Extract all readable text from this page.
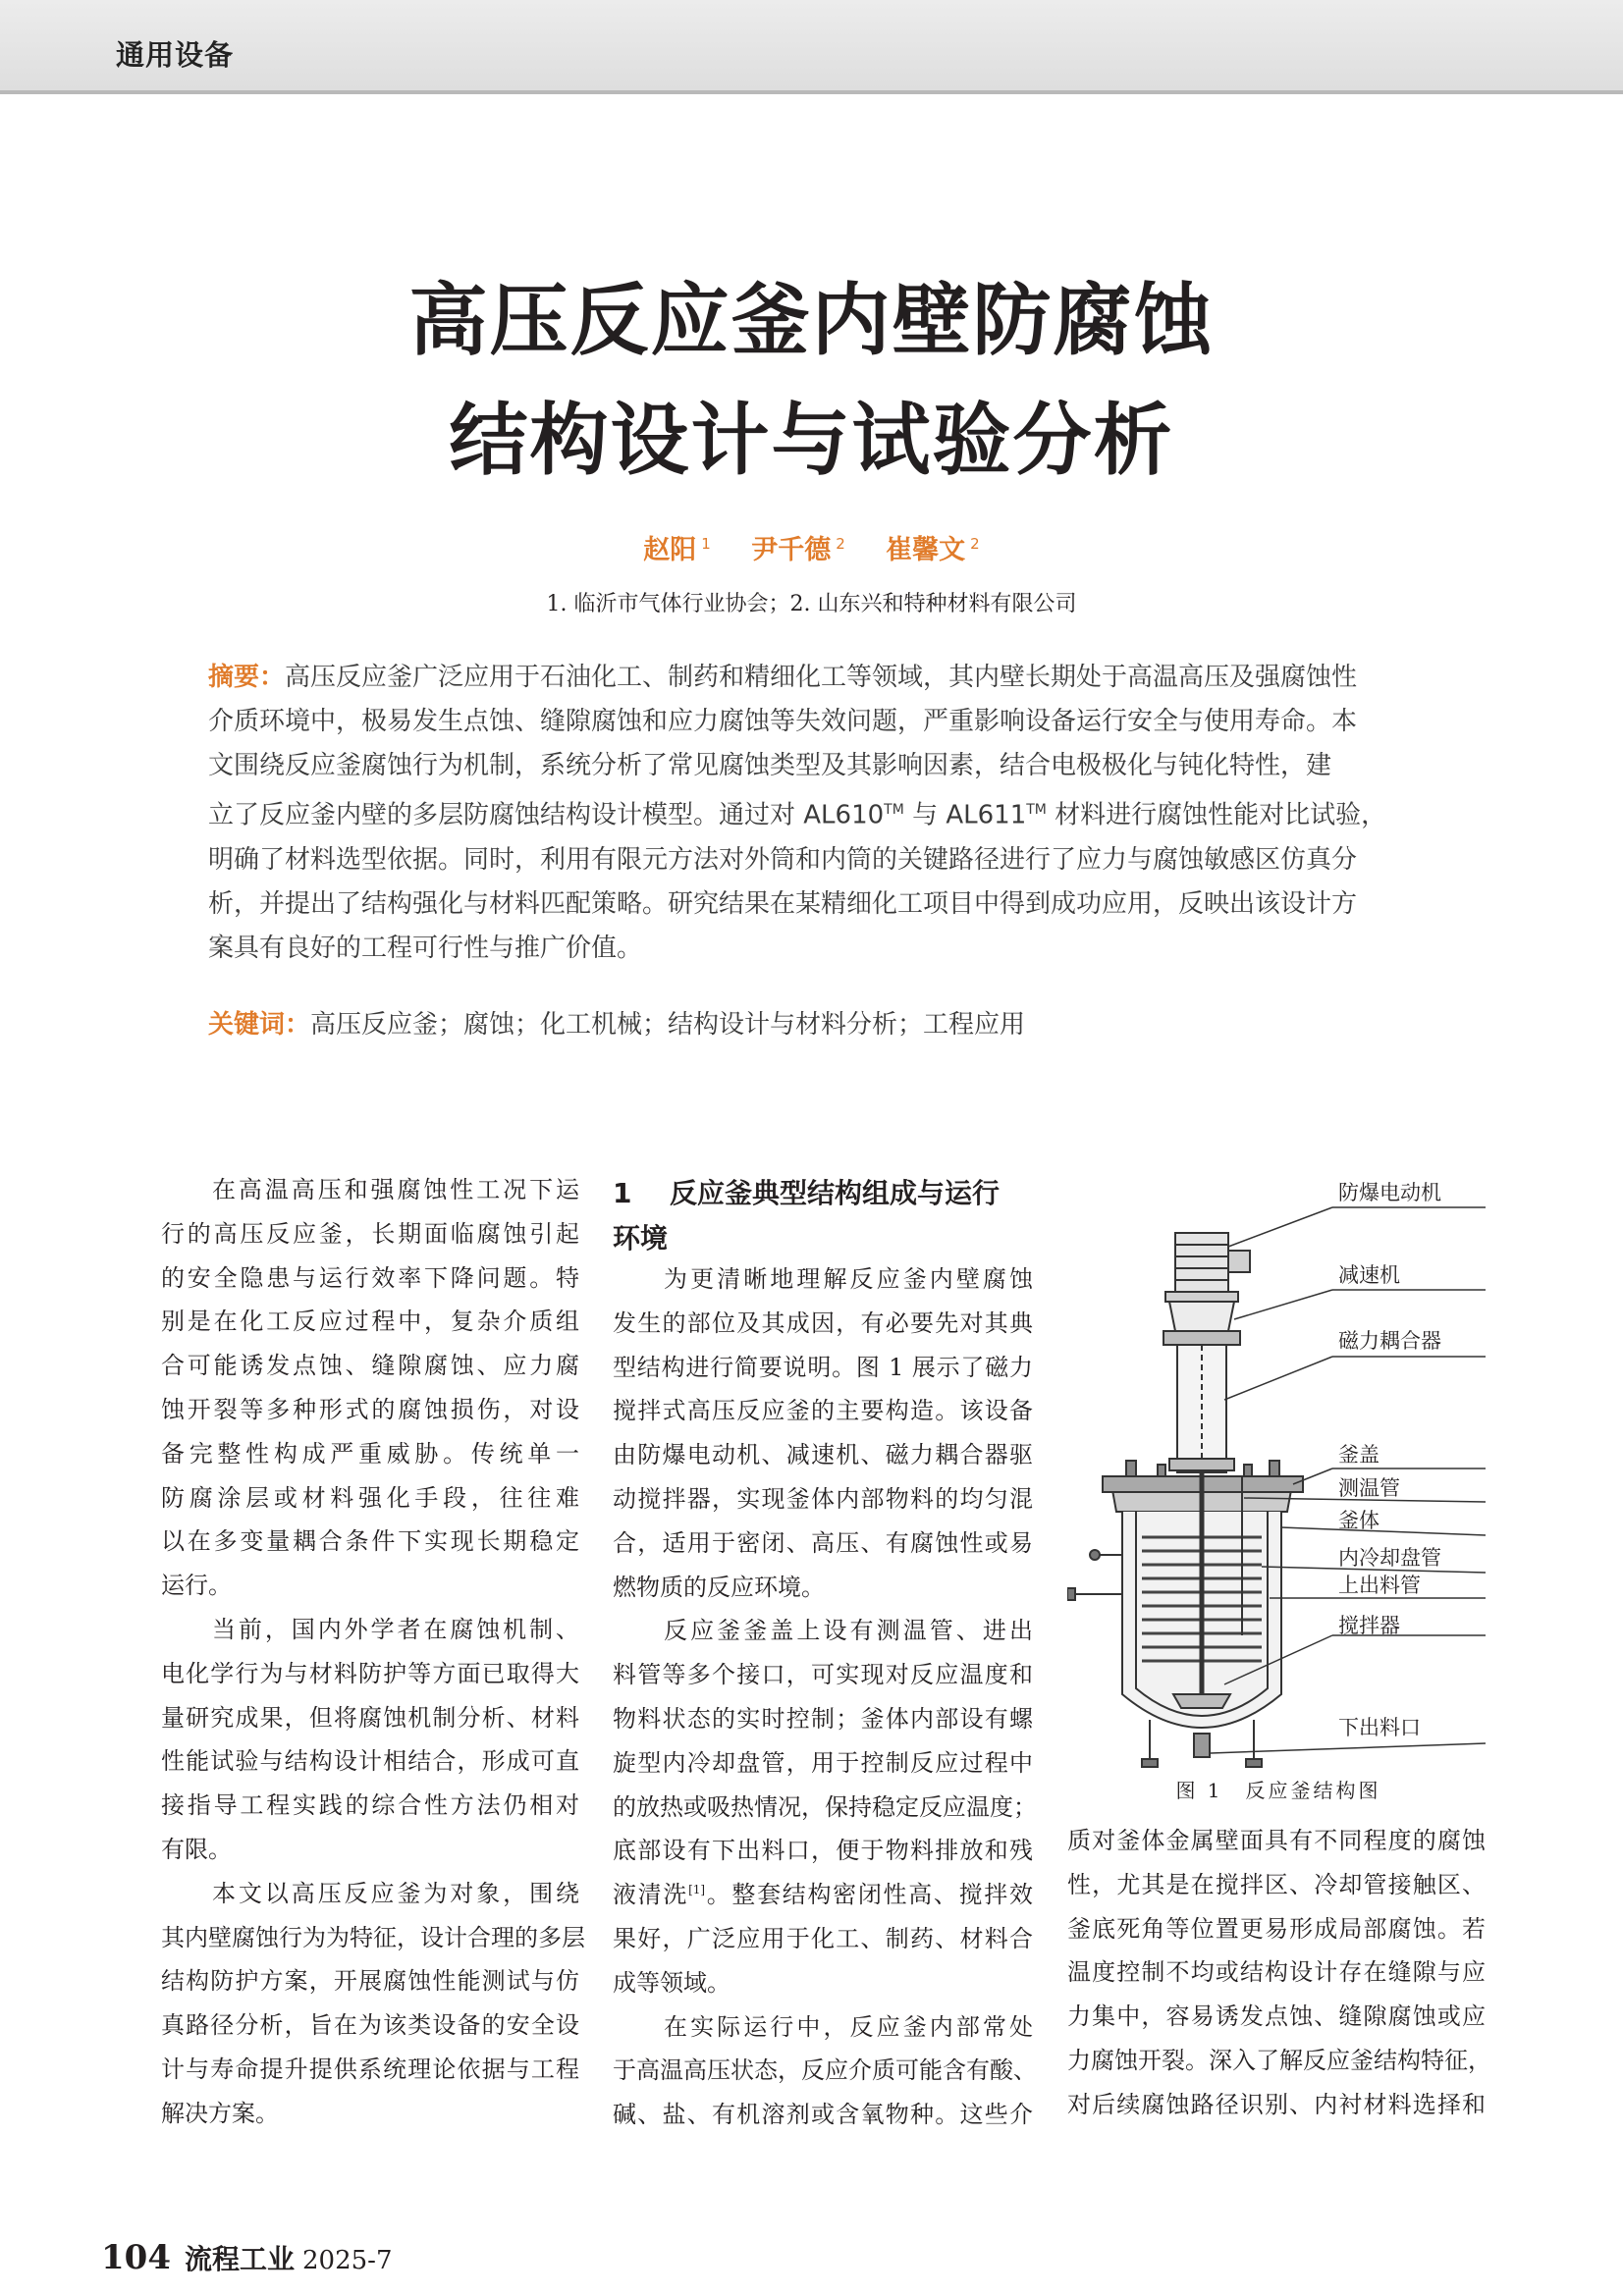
通用设备
高压反应釜内壁防腐蚀
结构设计与试验分析
赵阳 $^1$ 尹千德 $^2$ 崔馨文 $^2$
1. 临沂市气体行业协会；2. 山东兴和特种材料有限公司
摘要：高压反应釜广泛应用于石油化工、制药和精细化工等领域，其内壁长期处于高温高压及强腐蚀性
介质环境中，极易发生点蚀、缝隙腐蚀和应力腐蚀等失效问题，严重影响设备运行安全与使用寿命。本
文围绕反应釜腐蚀行为机制，系统分析了常见腐蚀类型及其影响因素，结合电极极化与钝化特性，建
立了反应釜内壁的多层防腐蚀结构设计模型。通过对 AL610™ 与 AL611™ 材料进行腐蚀性能对比试验，
明确了材料选型依据。同时，利用有限元方法对外筒和内筒的关键路径进行了应力与腐蚀敏感区仿真分
析，并提出了结构强化与材料匹配策略。研究结果在某精细化工项目中得到成功应用，反映出该设计方
案具有良好的工程可行性与推广价值。
关键词：高压反应釜；腐蚀；化工机械；结构设计与材料分析；工程应用
在高温高压和强腐蚀性工况下运
行的高压反应釜，长期面临腐蚀引起
的安全隐患与运行效率下降问题。特
别是在化工反应过程中，复杂介质组
合可能诱发点蚀、缝隙腐蚀、应力腐
蚀开裂等多种形式的腐蚀损伤，对设
备完整性构成严重威胁。传统单一
防腐涂层或材料强化手段，往往难
以在多变量耦合条件下实现长期稳定
运行。
当前，国内外学者在腐蚀机制、
电化学行为与材料防护等方面已取得大
量研究成果，但将腐蚀机制分析、材料
性能试验与结构设计相结合，形成可直
接指导工程实践的综合性方法仍相对
有限。
本文以高压反应釜为对象，围绕
其内壁腐蚀行为为特征，设计合理的多层
结构防护方案，开展腐蚀性能测试与仿
真路径分析，旨在为该类设备的安全设
计与寿命提升提供系统理论依据与工程
解决方案。
1 反应釜典型结构组成与运行
环境
为更清晰地理解反应釜内壁腐蚀
发生的部位及其成因，有必要先对其典
型结构进行简要说明。图 1 展示了磁力
搅拌式高压反应釜的主要构造。该设备
由防爆电动机、减速机、磁力耦合器驱
动搅拌器，实现釜体内部物料的均匀混
合，适用于密闭、高压、有腐蚀性或易
燃物质的反应环境。
反应釜釜盖上设有测温管、进出
料管等多个接口，可实现对反应温度和
物料状态的实时控制；釜体内部设有螺
旋型内冷却盘管，用于控制反应过程中
的放热或吸热情况，保持稳定反应温度；
底部设有下出料口，便于物料排放和残
液清洗[1]。整套结构密闭性高、搅拌效
果好，广泛应用于化工、制药、材料合
成等领域。
在实际运行中，反应釜内部常处
于高温高压状态，反应介质可能含有酸、
碱、盐、有机溶剂或含氧物种。这些介
防爆电动机
减速机
磁力耦合器
釜盖
测温管
釜体
内冷却盘管
上出料管
搅拌器
下出料口
图 1　反应釜结构图
质对釜体金属壁面具有不同程度的腐蚀
性，尤其是在搅拌区、冷却管接触区、
釜底死角等位置更易形成局部腐蚀。若
温度控制不均或结构设计存在缝隙与应
力集中，容易诱发点蚀、缝隙腐蚀或应
力腐蚀开裂。深入了解反应釜结构特征，
对后续腐蚀路径识别、内衬材料选择和
104 流程工业 2025-7
